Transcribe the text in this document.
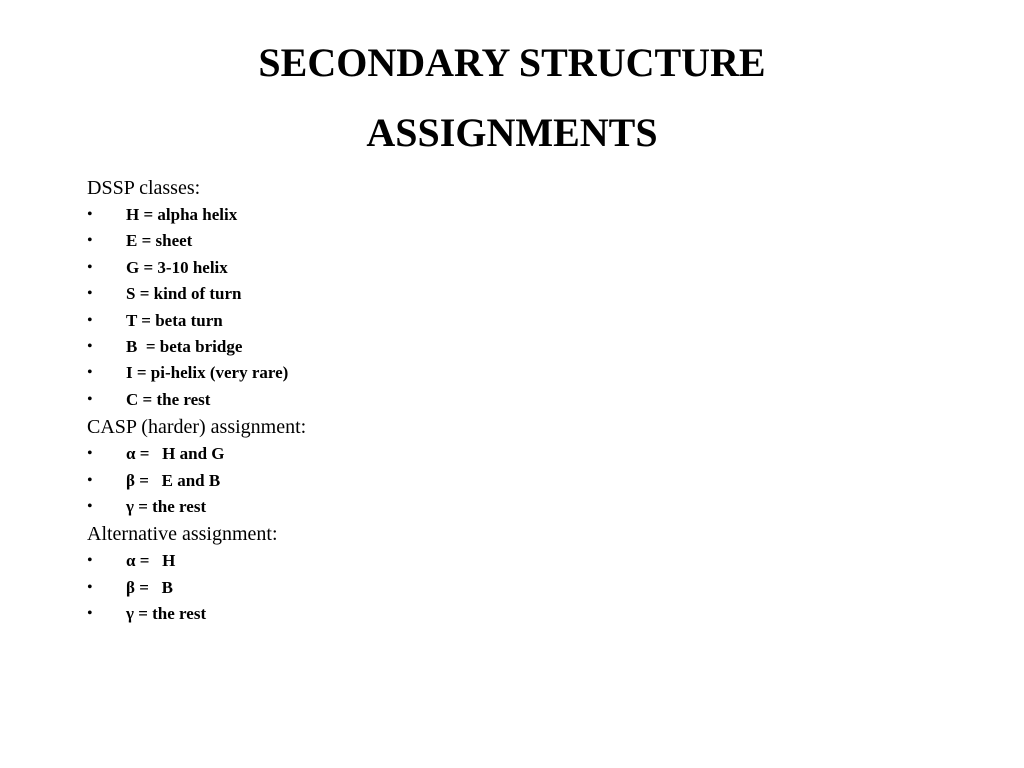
SECONDARY STRUCTURE
ASSIGNMENTS
DSSP classes:
• H = alpha helix
• E = sheet
• G = 3-10 helix
• S = kind of turn
• T = beta turn
• B  = beta bridge
• I = pi-helix (very rare)
• C = the rest
CASP (harder) assignment:
• α =   H and G
• β =   E and B
• γ = the rest
Alternative assignment:
• α =   H
• β =   B
• γ = the rest
